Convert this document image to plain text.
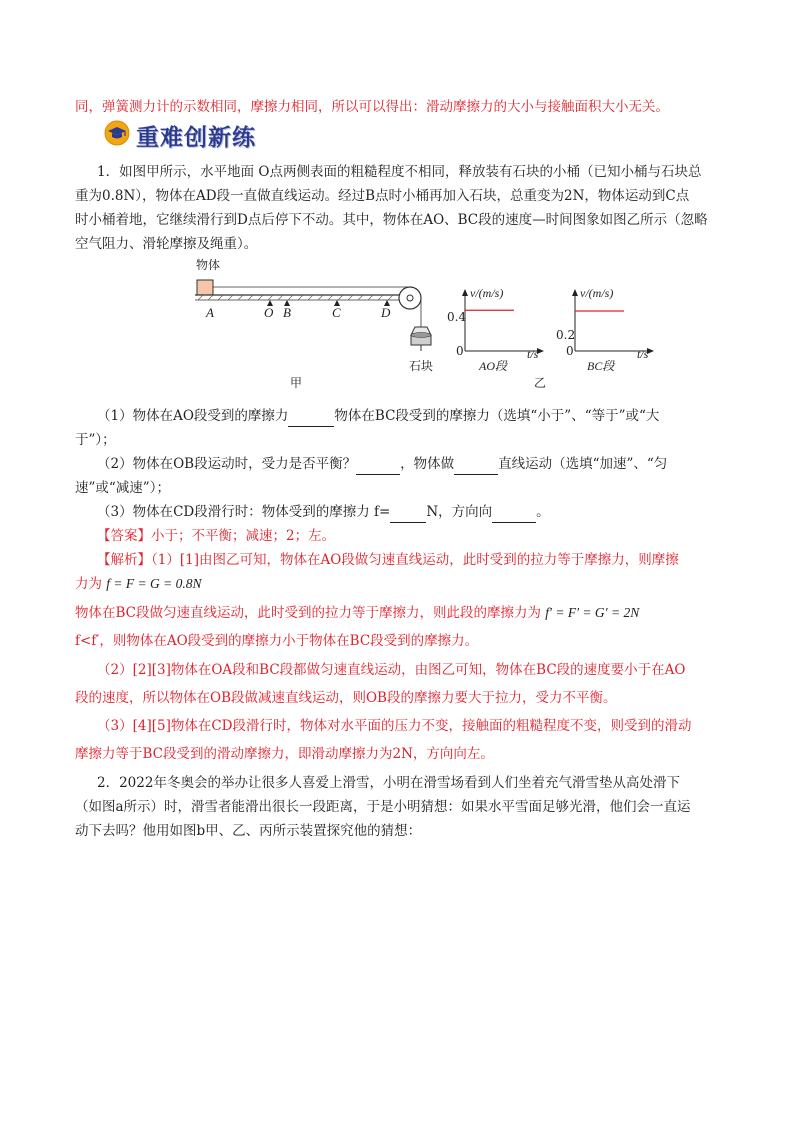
同，弹簧测力计的示数相同，摩擦力相同，所以可以得出：滑动摩擦力的大小与接触面积大小无关。
重难创新练
1．如图甲所示，水平地面 O点两侧表面的粗糙程度不相同，释放装有石块的小桶（已知小桶与石块总
重为0.8N），物体在AD段一直做直线运动。经过B点时小桶再加入石块，总重变为2N，物体运动到C点
时小桶着地，它继续滑行到D点后停下不动。其中，物体在AO、BC段的速度—时间图象如图乙所示（忽略
空气阻力、滑轮摩擦及绳重）。
物体
A	O B	C	D
石块
甲	乙
v/(m/s)
0.4
0	t/s
AO段
v/(m/s)
0.2
0	t/s
BC段
（1）物体在AO段受到的摩擦力	物体在BC段受到的摩擦力（选填“小于”、“等于”或“大
于”）；
（2）物体在OB段运动时，受力是否平衡？	，物体做	直线运动（选填“加速”、“匀
速”或“减速”）；
（3）物体在CD段滑行时：物体受到的摩擦力 f=	N，方向向	。
【答案】小于；不平衡；减速；2；左。
【解析】（1）[1]由图乙可知，物体在AO段做匀速直线运动，此时受到的拉力等于摩擦力，则摩擦
力为 f = F = G = 0.8N
物体在BC段做匀速直线运动，此时受到的拉力等于摩擦力，则此段的摩擦力为 f′ = F′ = G′ = 2N
f<f′，则物体在AO段受到的摩擦力小于物体在BC段受到的摩擦力。
（2）[2][3]物体在OA段和BC段都做匀速直线运动，由图乙可知，物体在BC段的速度要小于在AO
段的速度，所以物体在OB段做减速直线运动，则OB段的摩擦力要大于拉力，受力不平衡。
（3）[4][5]物体在CD段滑行时，物体对水平面的压力不变，接触面的粗糙程度不变，则受到的滑动
摩擦力等于BC段受到的滑动摩擦力，即滑动摩擦力为2N，方向向左。
2．2022年冬奥会的举办让很多人喜爱上滑雪，小明在滑雪场看到人们坐着充气滑雪垫从高处滑下
（如图a所示）时，滑雪者能滑出很长一段距离，于是小明猜想：如果水平雪面足够光滑，他们会一直运
动下去吗？他用如图b甲、乙、丙所示装置探究他的猜想：
